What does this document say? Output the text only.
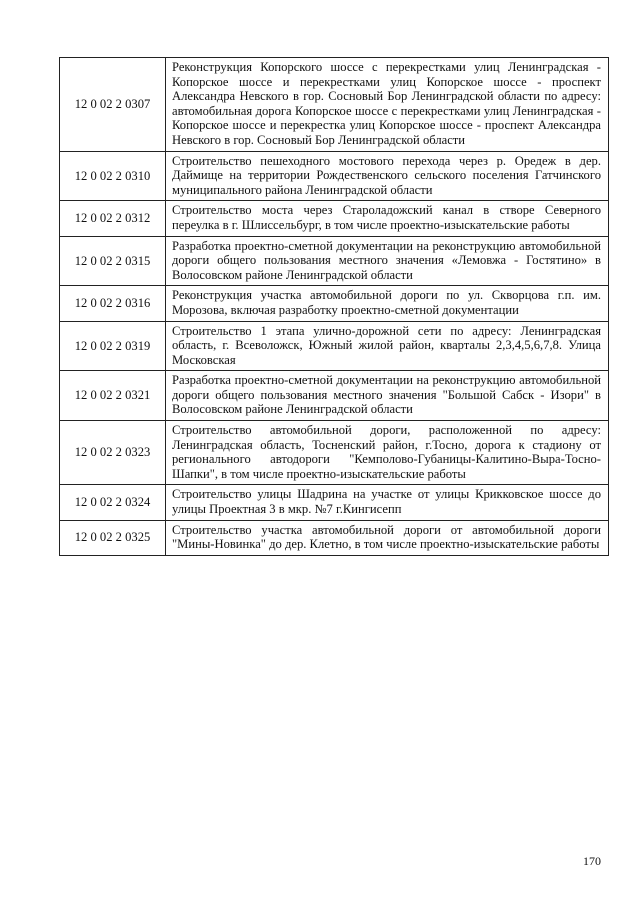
12 0 02 2 0307	Реконструкция Копорского шоссе с перекрестками улиц Ленинградская - Копорское шоссе и перекрестками улиц Копорское шоссе - проспект Александра Невского в гор. Сосновый Бор Ленинградской области по адресу: автомобильная дорога Копорское шоссе с перекрестками улиц Ленинградская - Копорское шоссе и перекрестка улиц Копорское шоссе - проспект Александра Невского в гор. Сосновый Бор Ленинградской области
12 0 02 2 0310	Строительство пешеходного мостового перехода через р. Оредеж в дер. Даймище на территории Рождественского сельского поселения Гатчинского муниципального района Ленинградской области
12 0 02 2 0312	Строительство моста через Староладожский канал в створе Северного переулка в г. Шлиссельбург, в том числе проектно-изыскательские работы
12 0 02 2 0315	Разработка проектно-сметной документации на реконструкцию автомобильной дороги общего пользования местного значения «Лемовжа - Гостятино» в Волосовском районе Ленинградской области
12 0 02 2 0316	Реконструкция участка автомобильной дороги по ул. Скворцова г.п. им. Морозова, включая разработку проектно-сметной документации
12 0 02 2 0319	Строительство 1 этапа улично-дорожной сети по адресу: Ленинградская область, г. Всеволожск, Южный жилой район, кварталы 2,3,4,5,6,7,8. Улица Московская
12 0 02 2 0321	Разработка проектно-сметной документации на реконструкцию автомобильной дороги общего пользования местного значения "Большой Сабск - Изори" в Волосовском районе Ленинградской области
12 0 02 2 0323	Строительство автомобильной дороги, расположенной по адресу: Ленинградская область, Тосненский район, г.Тосно, дорога к стадиону от регионального автодороги "Кемполово-Губаницы-Калитино-Выра-Тосно-Шапки", в том числе проектно-изыскательские работы
12 0 02 2 0324	Строительство улицы Шадрина на участке от улицы Крикковское шоссе до улицы Проектная 3 в мкр. №7 г.Кингисепп
12 0 02 2 0325	Строительство участка автомобильной дороги от автомобильной дороги "Мины-Новинка" до дер. Клетно, в том числе проектно-изыскательские работы
170
